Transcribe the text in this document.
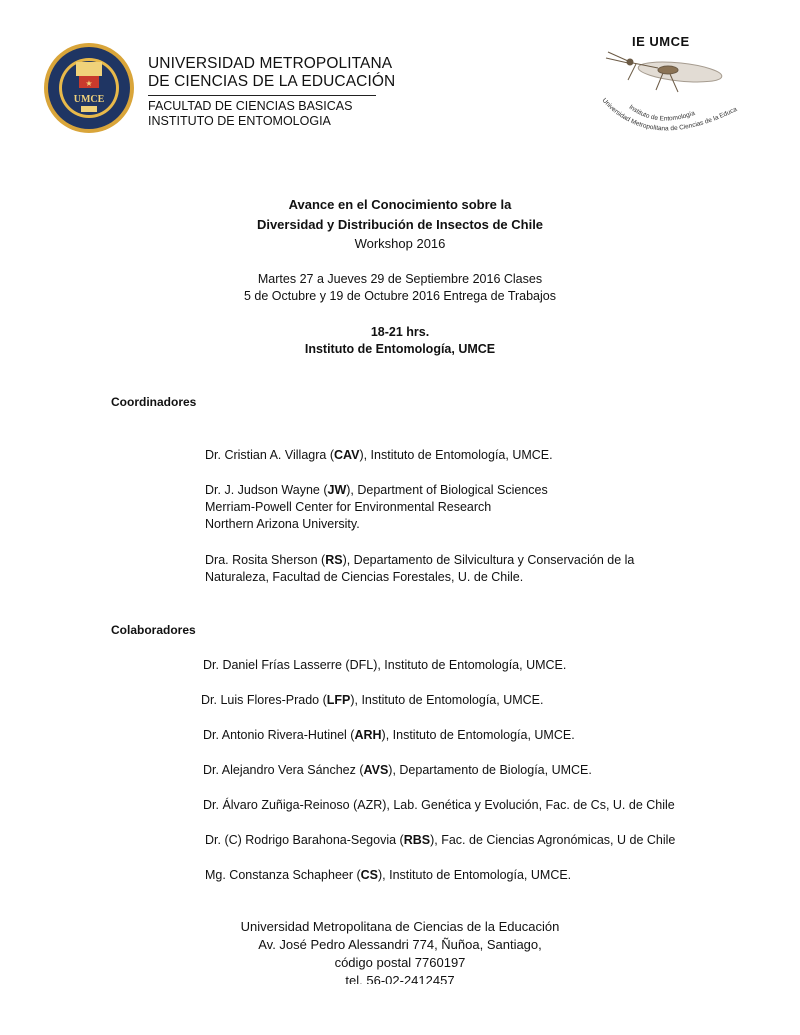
★
UMCE
UNIVERSIDAD METROPOLITANA
DE CIENCIAS DE LA EDUCACIÓN
FACULTAD DE CIENCIAS BASICAS
INSTITUTO DE ENTOMOLOGIA
Instituto de Entomología
Universidad Metropolitana de Ciencias de la Educa
IE UMCE
Avance en el Conocimiento sobre la
Diversidad y Distribución de Insectos de Chile
Workshop 2016
Martes 27 a Jueves 29 de Septiembre 2016 Clases
5 de Octubre y 19 de Octubre 2016 Entrega de Trabajos
18-21 hrs.
Instituto de Entomología, UMCE
Coordinadores
Dr. Cristian A. Villagra (CAV), Instituto de Entomología, UMCE.
Dr. J. Judson Wayne (JW), Department of Biological Sciences
Merriam-Powell Center for Environmental Research
Northern Arizona University.
Dra. Rosita Sherson (RS), Departamento de Silvicultura y Conservación de la
Naturaleza, Facultad de Ciencias Forestales, U. de Chile.
Colaboradores
Dr. Daniel Frías Lasserre (DFL), Instituto de Entomología, UMCE.
Dr. Luis Flores-Prado (LFP), Instituto de Entomología, UMCE.
Dr. Antonio Rivera-Hutinel (ARH), Instituto de Entomología, UMCE.
Dr. Alejandro Vera Sánchez (AVS), Departamento de Biología, UMCE.
Dr. Álvaro Zuñiga-Reinoso (AZR), Lab. Genética y Evolución, Fac. de Cs, U. de Chile
Dr. (C) Rodrigo Barahona-Segovia (RBS), Fac. de Ciencias Agronómicas, U de Chile
Mg. Constanza Schapheer (CS), Instituto de Entomología, UMCE.
Universidad Metropolitana de Ciencias de la Educación
Av. José Pedro Alessandri 774, Ñuñoa, Santiago,
código postal 7760197
tel. 56-02-2412457
